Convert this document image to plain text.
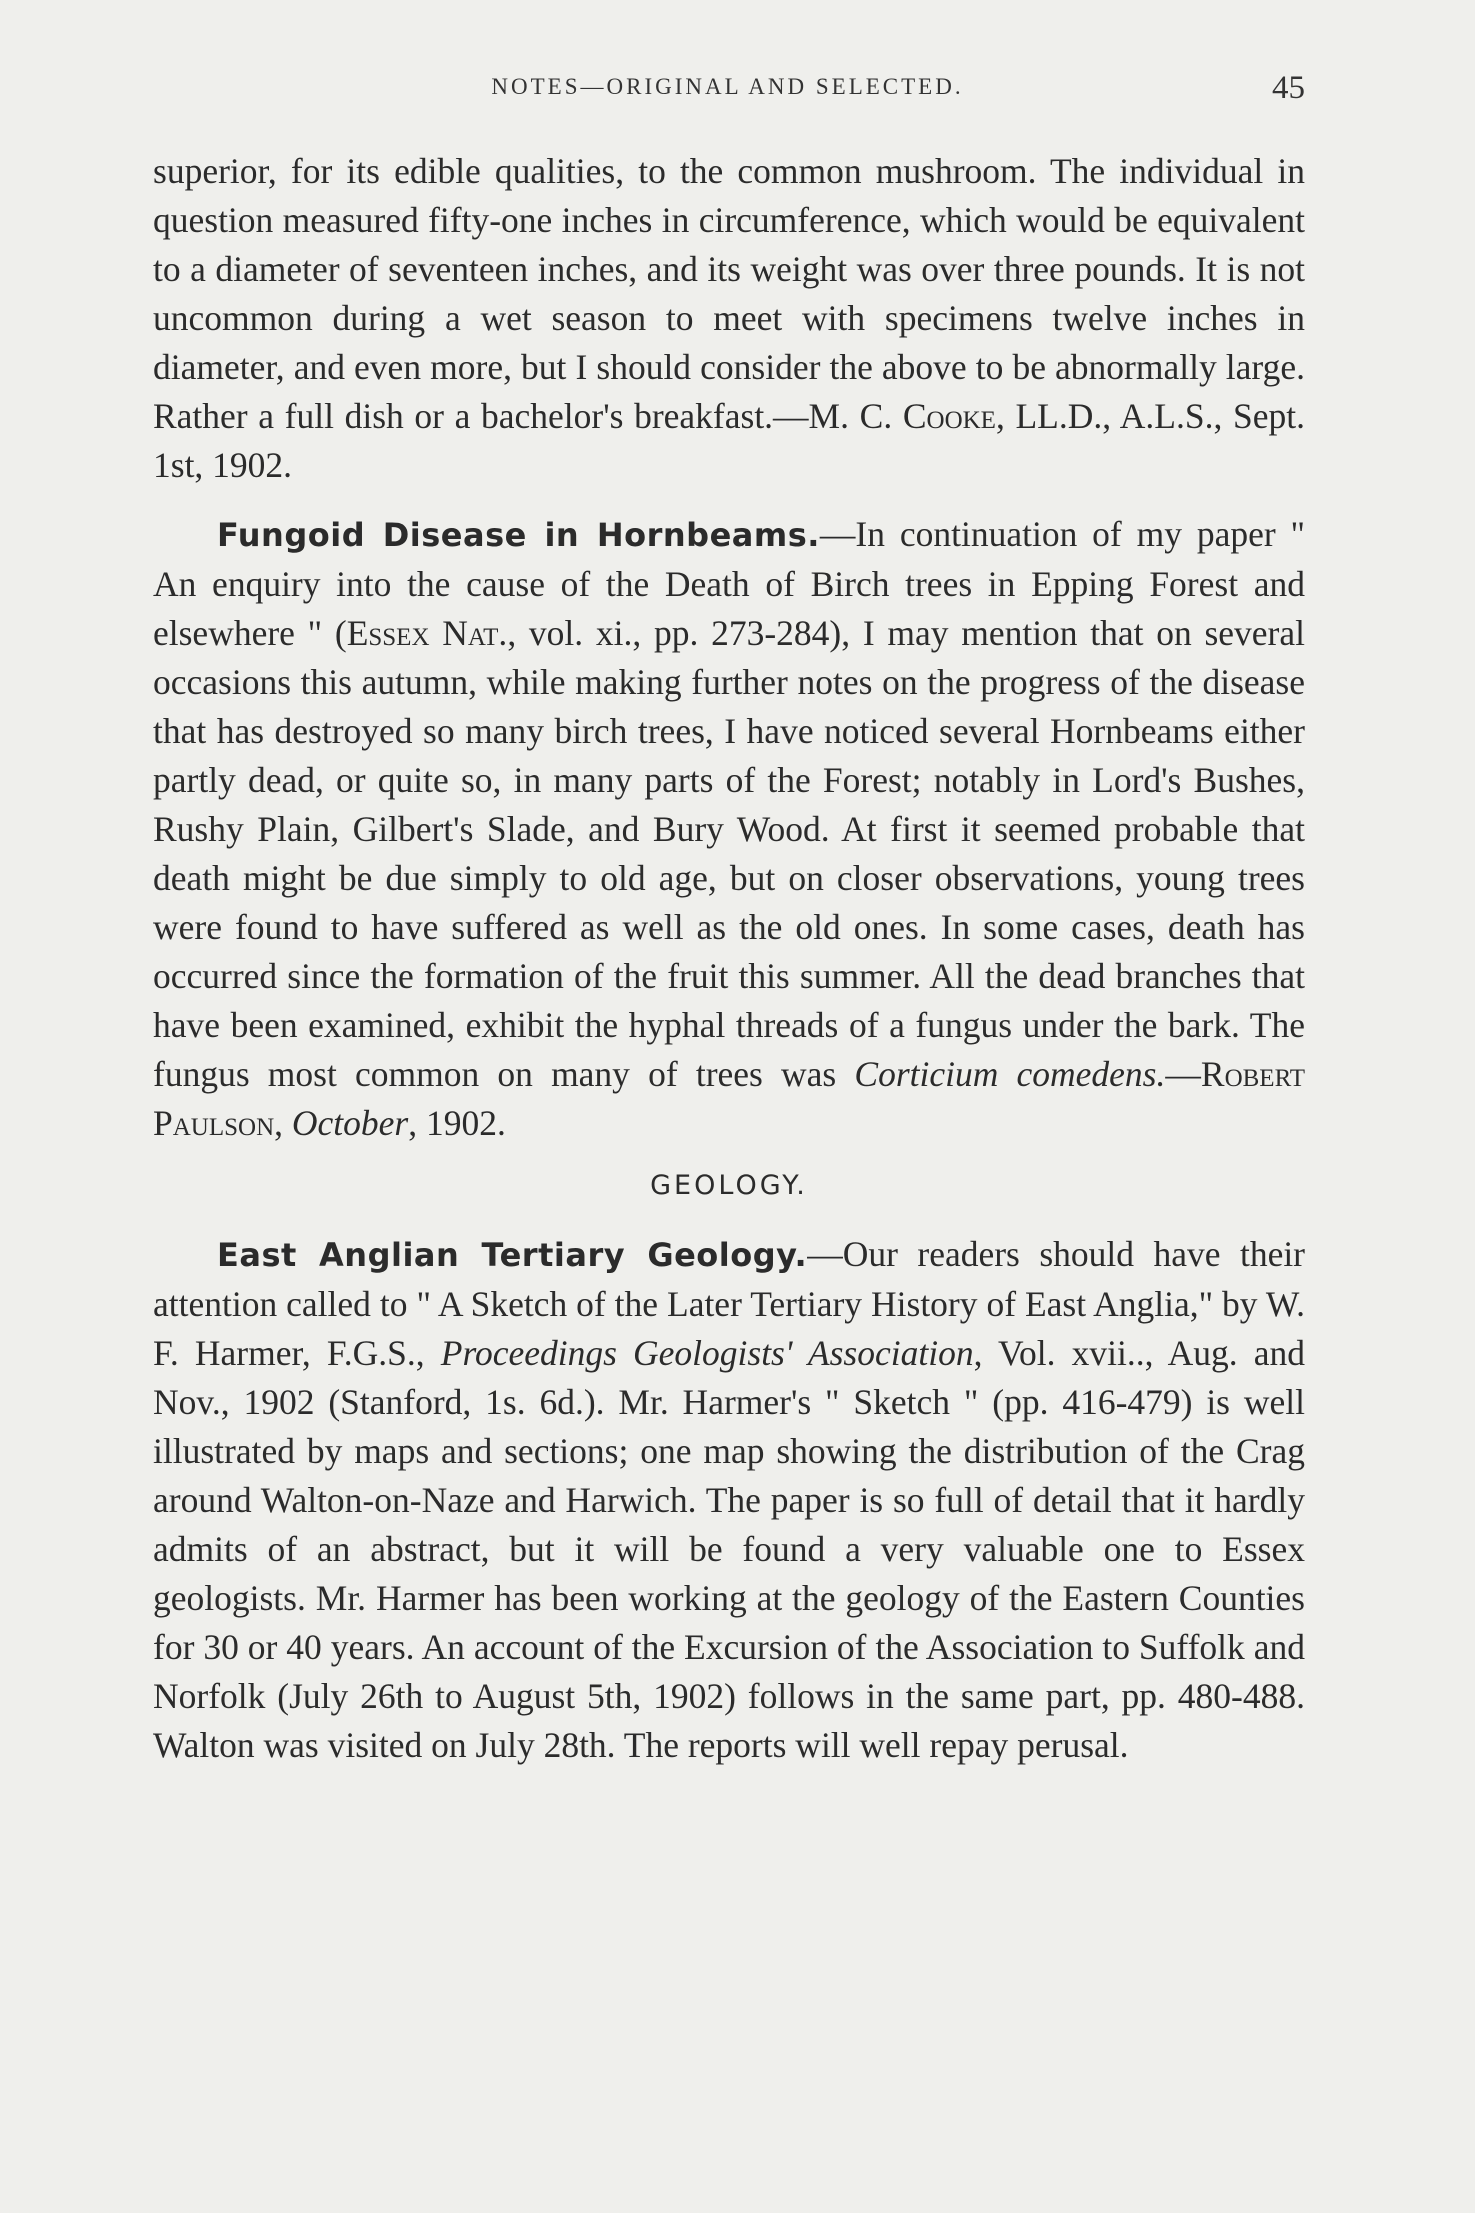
NOTES—ORIGINAL AND SELECTED.	45

superior, for its edible qualities, to the common mushroom. The individual in question measured fifty-one inches in circumference, which would be equivalent to a diameter of seventeen inches, and its weight was over three pounds. It is not uncommon during a wet season to meet with specimens twelve inches in diameter, and even more, but I should consider the above to be abnormally large. Rather a full dish or a bachelor's breakfast.—M. C. Cooke, LL.D., A.L.S., Sept. 1st, 1902.

Fungoid Disease in Hornbeams.—In continuation of my paper " An enquiry into the cause of the Death of Birch trees in Epping Forest and elsewhere " (Essex Nat., vol. xi., pp. 273-284), I may mention that on several occasions this autumn, while making further notes on the progress of the disease that has destroyed so many birch trees, I have noticed several Hornbeams either partly dead, or quite so, in many parts of the Forest; notably in Lord's Bushes, Rushy Plain, Gilbert's Slade, and Bury Wood. At first it seemed probable that death might be due simply to old age, but on closer observations, young trees were found to have suffered as well as the old ones. In some cases, death has occurred since the formation of the fruit this summer. All the dead branches that have been examined, exhibit the hyphal threads of a fungus under the bark. The fungus most common on many of trees was Corticium comedens.—Robert Paulson, October, 1902.

GEOLOGY.

East Anglian Tertiary Geology.—Our readers should have their attention called to " A Sketch of the Later Tertiary History of East Anglia," by W. F. Harmer, F.G.S., Proceedings Geologists' Association, Vol. xvii.., Aug. and Nov., 1902 (Stanford, 1s. 6d.). Mr. Harmer's " Sketch " (pp. 416-479) is well illustrated by maps and sections; one map showing the distribution of the Crag around Walton-on-Naze and Harwich. The paper is so full of detail that it hardly admits of an abstract, but it will be found a very valuable one to Essex geologists. Mr. Harmer has been working at the geology of the Eastern Counties for 30 or 40 years. An account of the Excursion of the Association to Suffolk and Norfolk (July 26th to August 5th, 1902) follows in the same part, pp. 480-488. Walton was visited on July 28th. The reports will well repay perusal.
